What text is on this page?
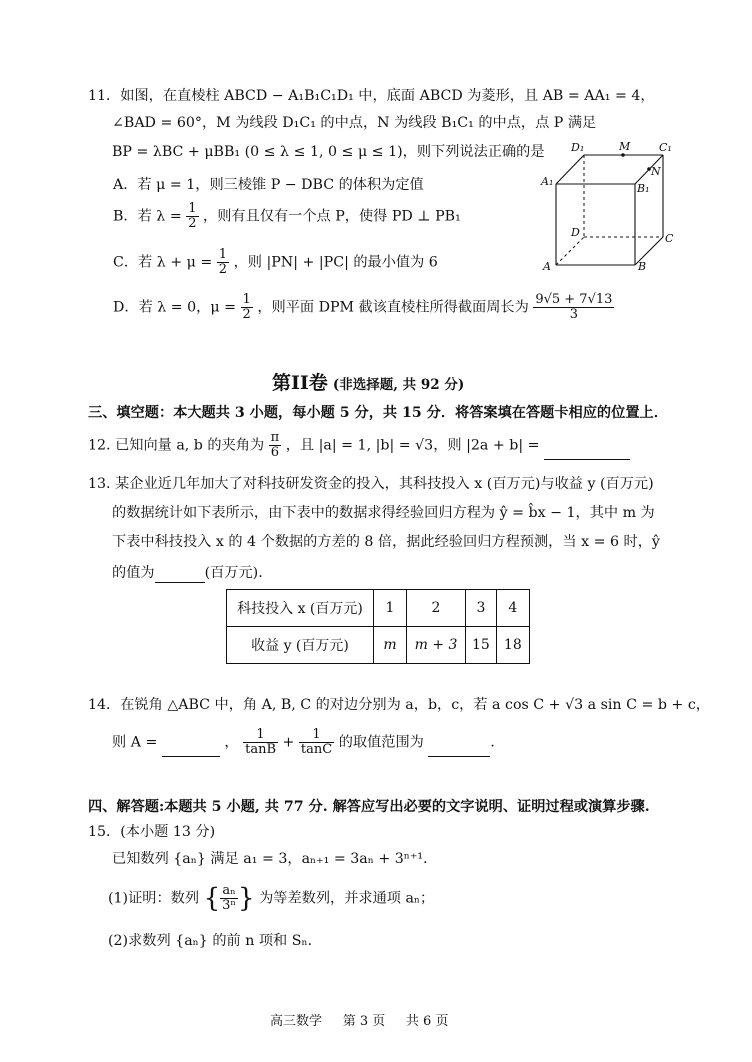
11．如图，在直棱柱 ABCD − A₁B₁C₁D₁ 中，底面 ABCD 为菱形，且 AB = AA₁ = 4，
∠BAD = 60°，M 为线段 D₁C₁ 的中点，N 为线段 B₁C₁ 的中点，点 P 满足
BP = λBC + μBB₁ (0 ≤ λ ≤ 1, 0 ≤ μ ≤ 1)，则下列说法正确的是
A．若 μ = 1，则三棱锥 P − DBC 的体积为定值
B．若 $\lambda = \frac{1}{2}$ ，则有且仅有一个点 P，使得 PD ⊥ PB₁
C．若 $\lambda + \mu = \frac{1}{2}$ ，则 |PN| + |PC| 的最小值为 6
D．若 λ = 0，$\mu = \frac{1}{2}$ ，则平面 DPM 截该直棱柱所得截面周长为 $\frac{9√5 + 7√13}{3}$
D₁	M	C₁
N
A₁
B₁
D	C
A	B
第II卷 (非选择题, 共 92 分)
三、填空题：本大题共 3 小题，每小题 5 分，共 15 分．将答案填在答题卡相应的位置上．
12. 已知向量 a, b 的夹角为 $\frac{\pi}{6}$ ，且 |a| = 1, |b| = √3，则 |2a + b| =
13. 某企业近几年加大了对科技研发资金的投入，其科技投入 x (百万元)与收益 y (百万元)
的数据统计如下表所示，由下表中的数据求得经验回归方程为 ŷ = b̂x − 1，其中 m 为
下表中科技投入 x 的 4 个数据的方差的 8 倍，据此经验回归方程预测，当 x = 6 时，ŷ
的值为	(百万元)．
科技投入 x (百万元)	1	2	3	4
收益 y (百万元)	m	m + 3	15	18
14．在锐角 △ABC 中，角 A, B, C 的对边分别为 a，b，c，若 a cos C + √3 a sin C = b + c，
则 A =	， $\frac{1}{\tan B} + \frac{1}{\tan C}$ 的取值范围为	．
四、解答题:本题共 5 小题, 共 77 分. 解答应写出必要的文字说明、证明过程或演算步骤.
15．(本小题 13 分)
已知数列 {aₙ} 满足 a₁ = 3，aₙ₊₁ = 3aₙ + 3ⁿ⁺¹．
(1)证明：数列 { $\frac{\text{aₙ}}{\text{3ⁿ}}$ } 为等差数列，并求通项 aₙ；
(2)求数列 {aₙ} 的前 n 项和 Sₙ．
高三数学 第 3 页 共 6 页
